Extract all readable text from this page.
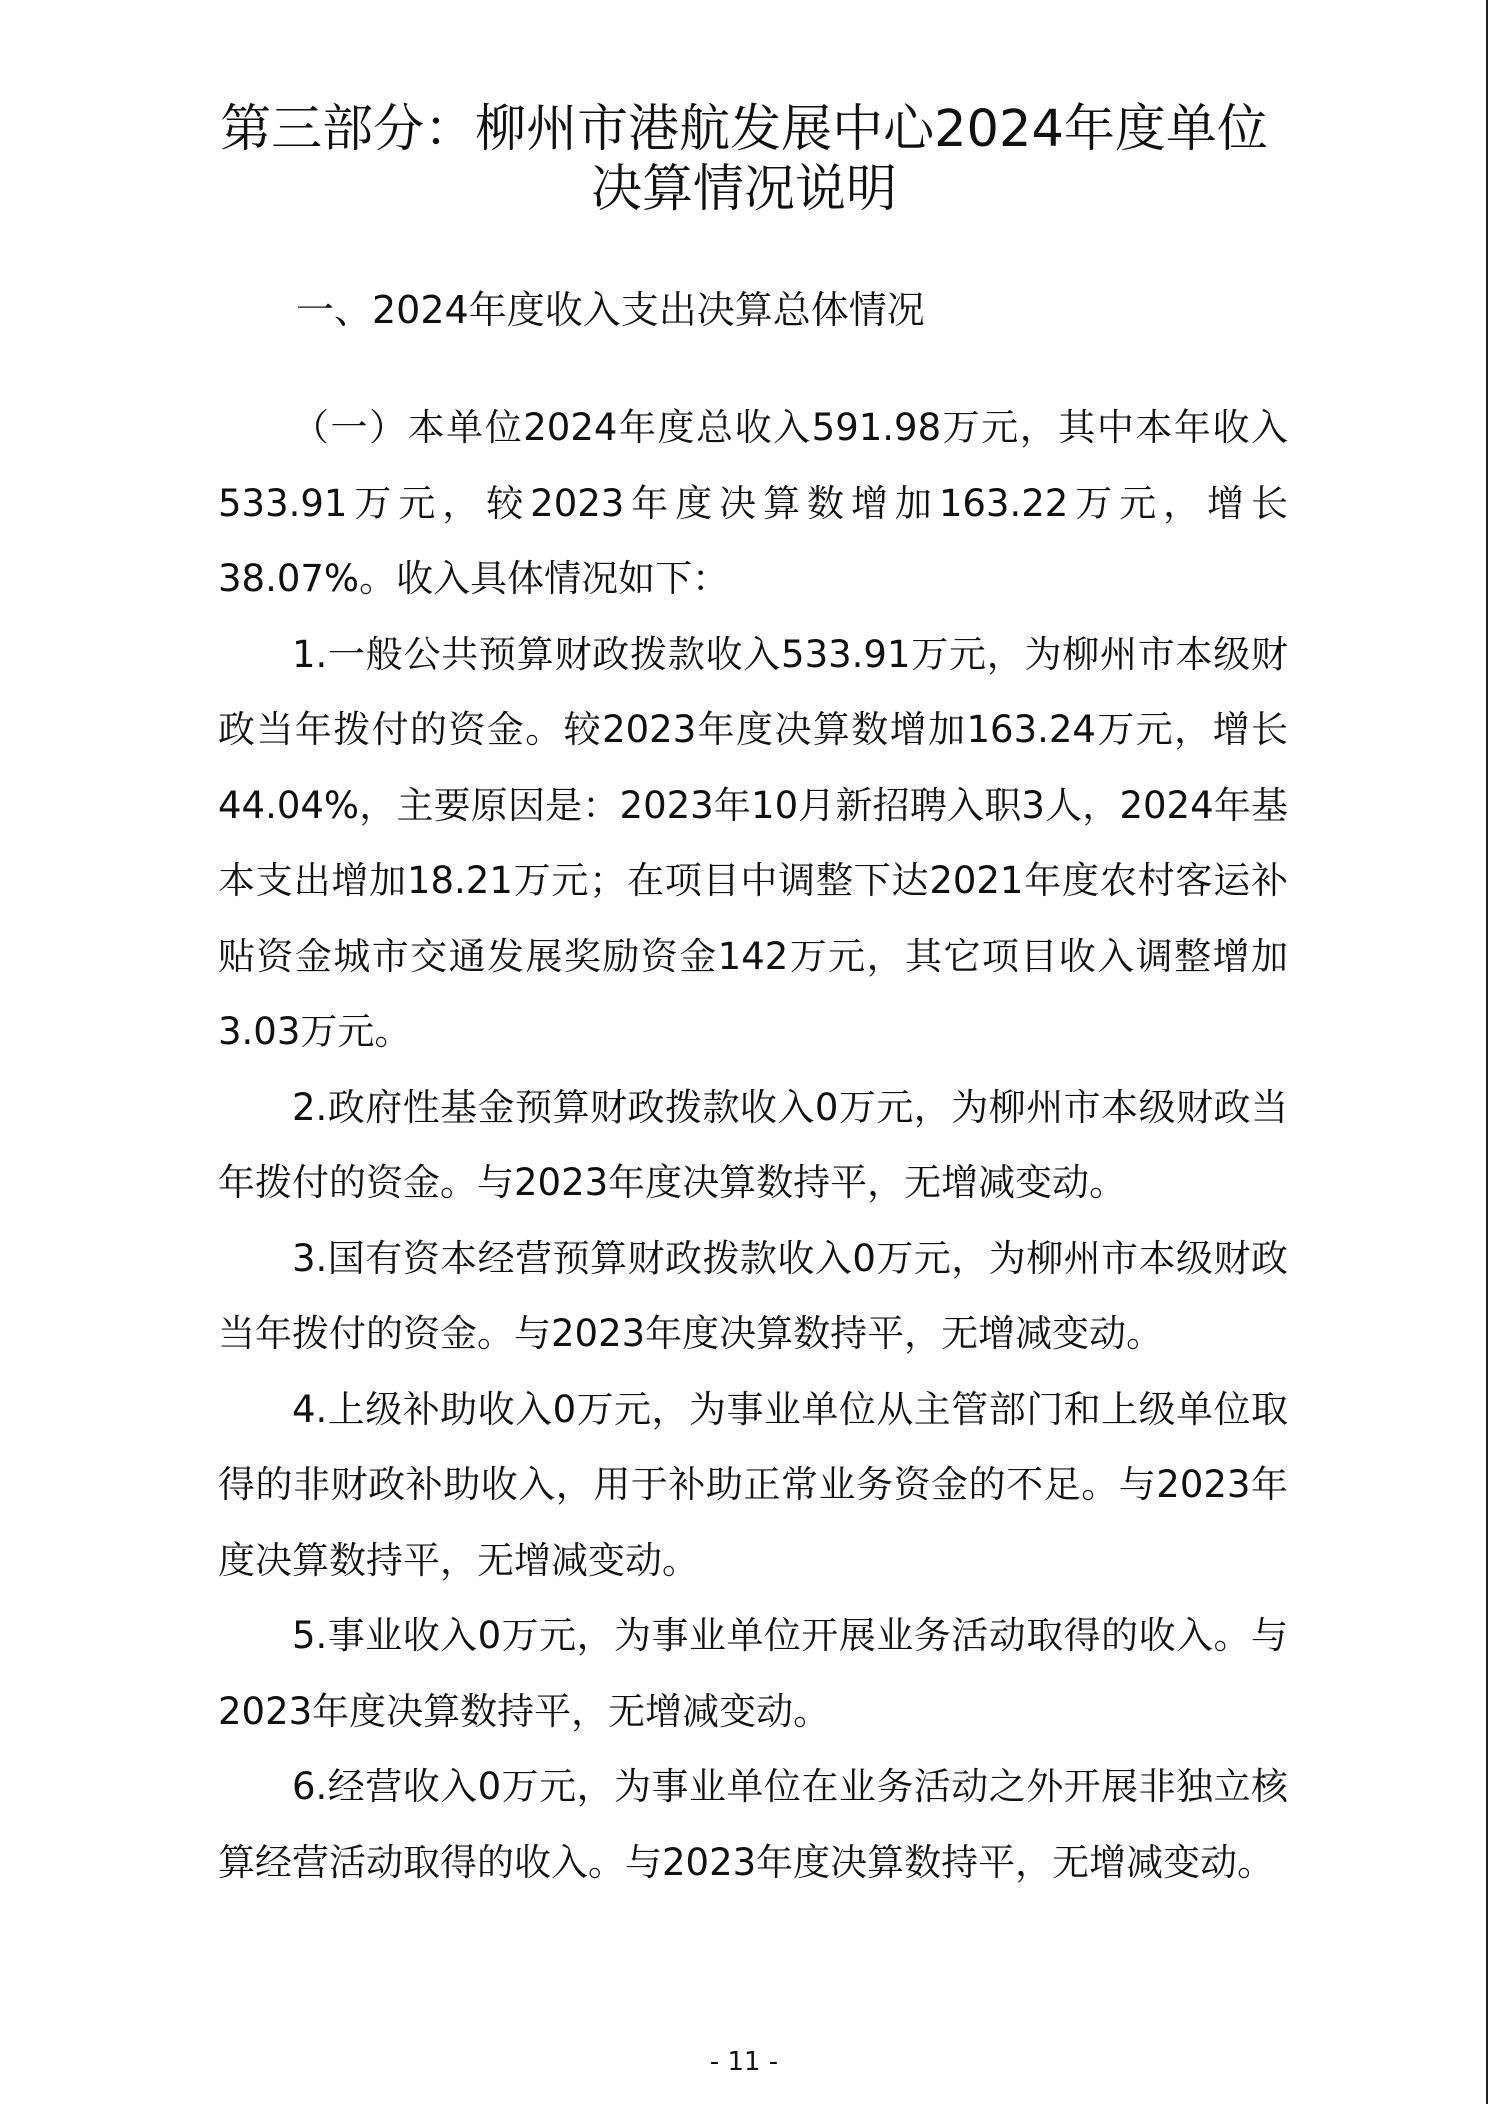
第三部分：柳州市港航发展中心2024年度单位决算情况说明
一、2024年度收入支出决算总体情况

（一）本单位2024年度总收入591.98万元，其中本年收入533.91万元，较2023年度决算数增加163.22万元，增长38.07%。收入具体情况如下：

1.一般公共预算财政拨款收入533.91万元，为柳州市本级财政当年拨付的资金。较2023年度决算数增加163.24万元，增长44.04%，主要原因是：2023年10月新招聘入职3人，2024年基本支出增加18.21万元；在项目中调整下达2021年度农村客运补贴资金城市交通发展奖励资金142万元，其它项目收入调整增加3.03万元。

2.政府性基金预算财政拨款收入0万元，为柳州市本级财政当年拨付的资金。与2023年度决算数持平，无增减变动。

3.国有资本经营预算财政拨款收入0万元，为柳州市本级财政当年拨付的资金。与2023年度决算数持平，无增减变动。

4.上级补助收入0万元，为事业单位从主管部门和上级单位取得的非财政补助收入，用于补助正常业务资金的不足。与2023年度决算数持平，无增减变动。

5.事业收入0万元，为事业单位开展业务活动取得的收入。与2023年度决算数持平，无增减变动。

6.经营收入0万元，为事业单位在业务活动之外开展非独立核算经营活动取得的收入。与2023年度决算数持平，无增减变动。

- 11 -
